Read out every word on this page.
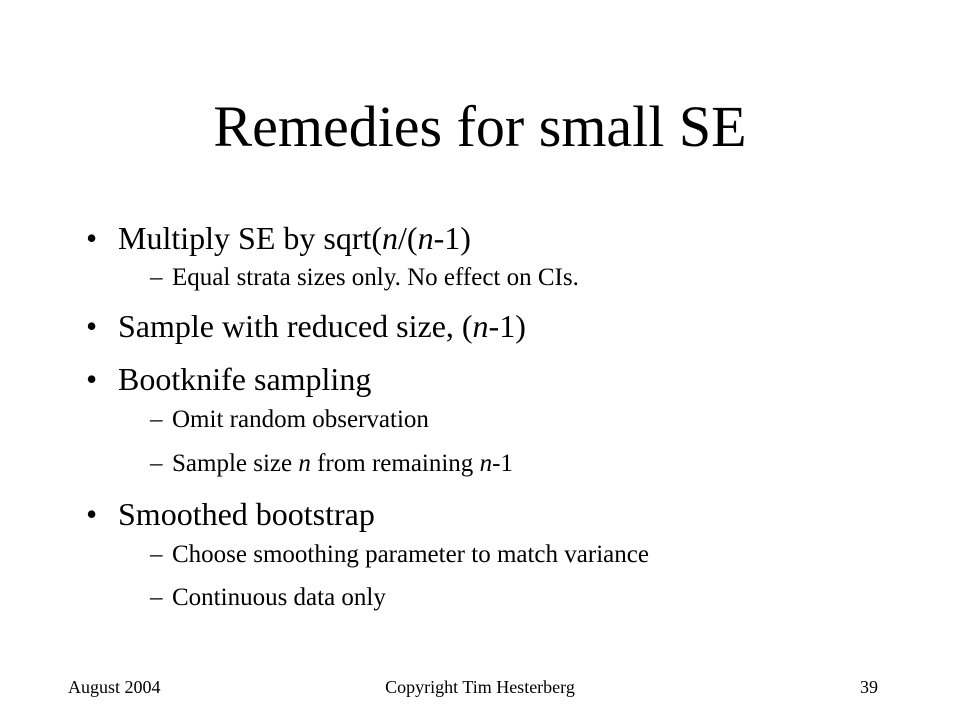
Remedies for small SE
• Multiply SE by sqrt(n/(n-1)
– Equal strata sizes only. No effect on CIs.
• Sample with reduced size, (n-1)
• Bootknife sampling
– Omit random observation
– Sample size n from remaining n-1
• Smoothed bootstrap
– Choose smoothing parameter to match variance
– Continuous data only
August 2004	Copyright Tim Hesterberg	39
